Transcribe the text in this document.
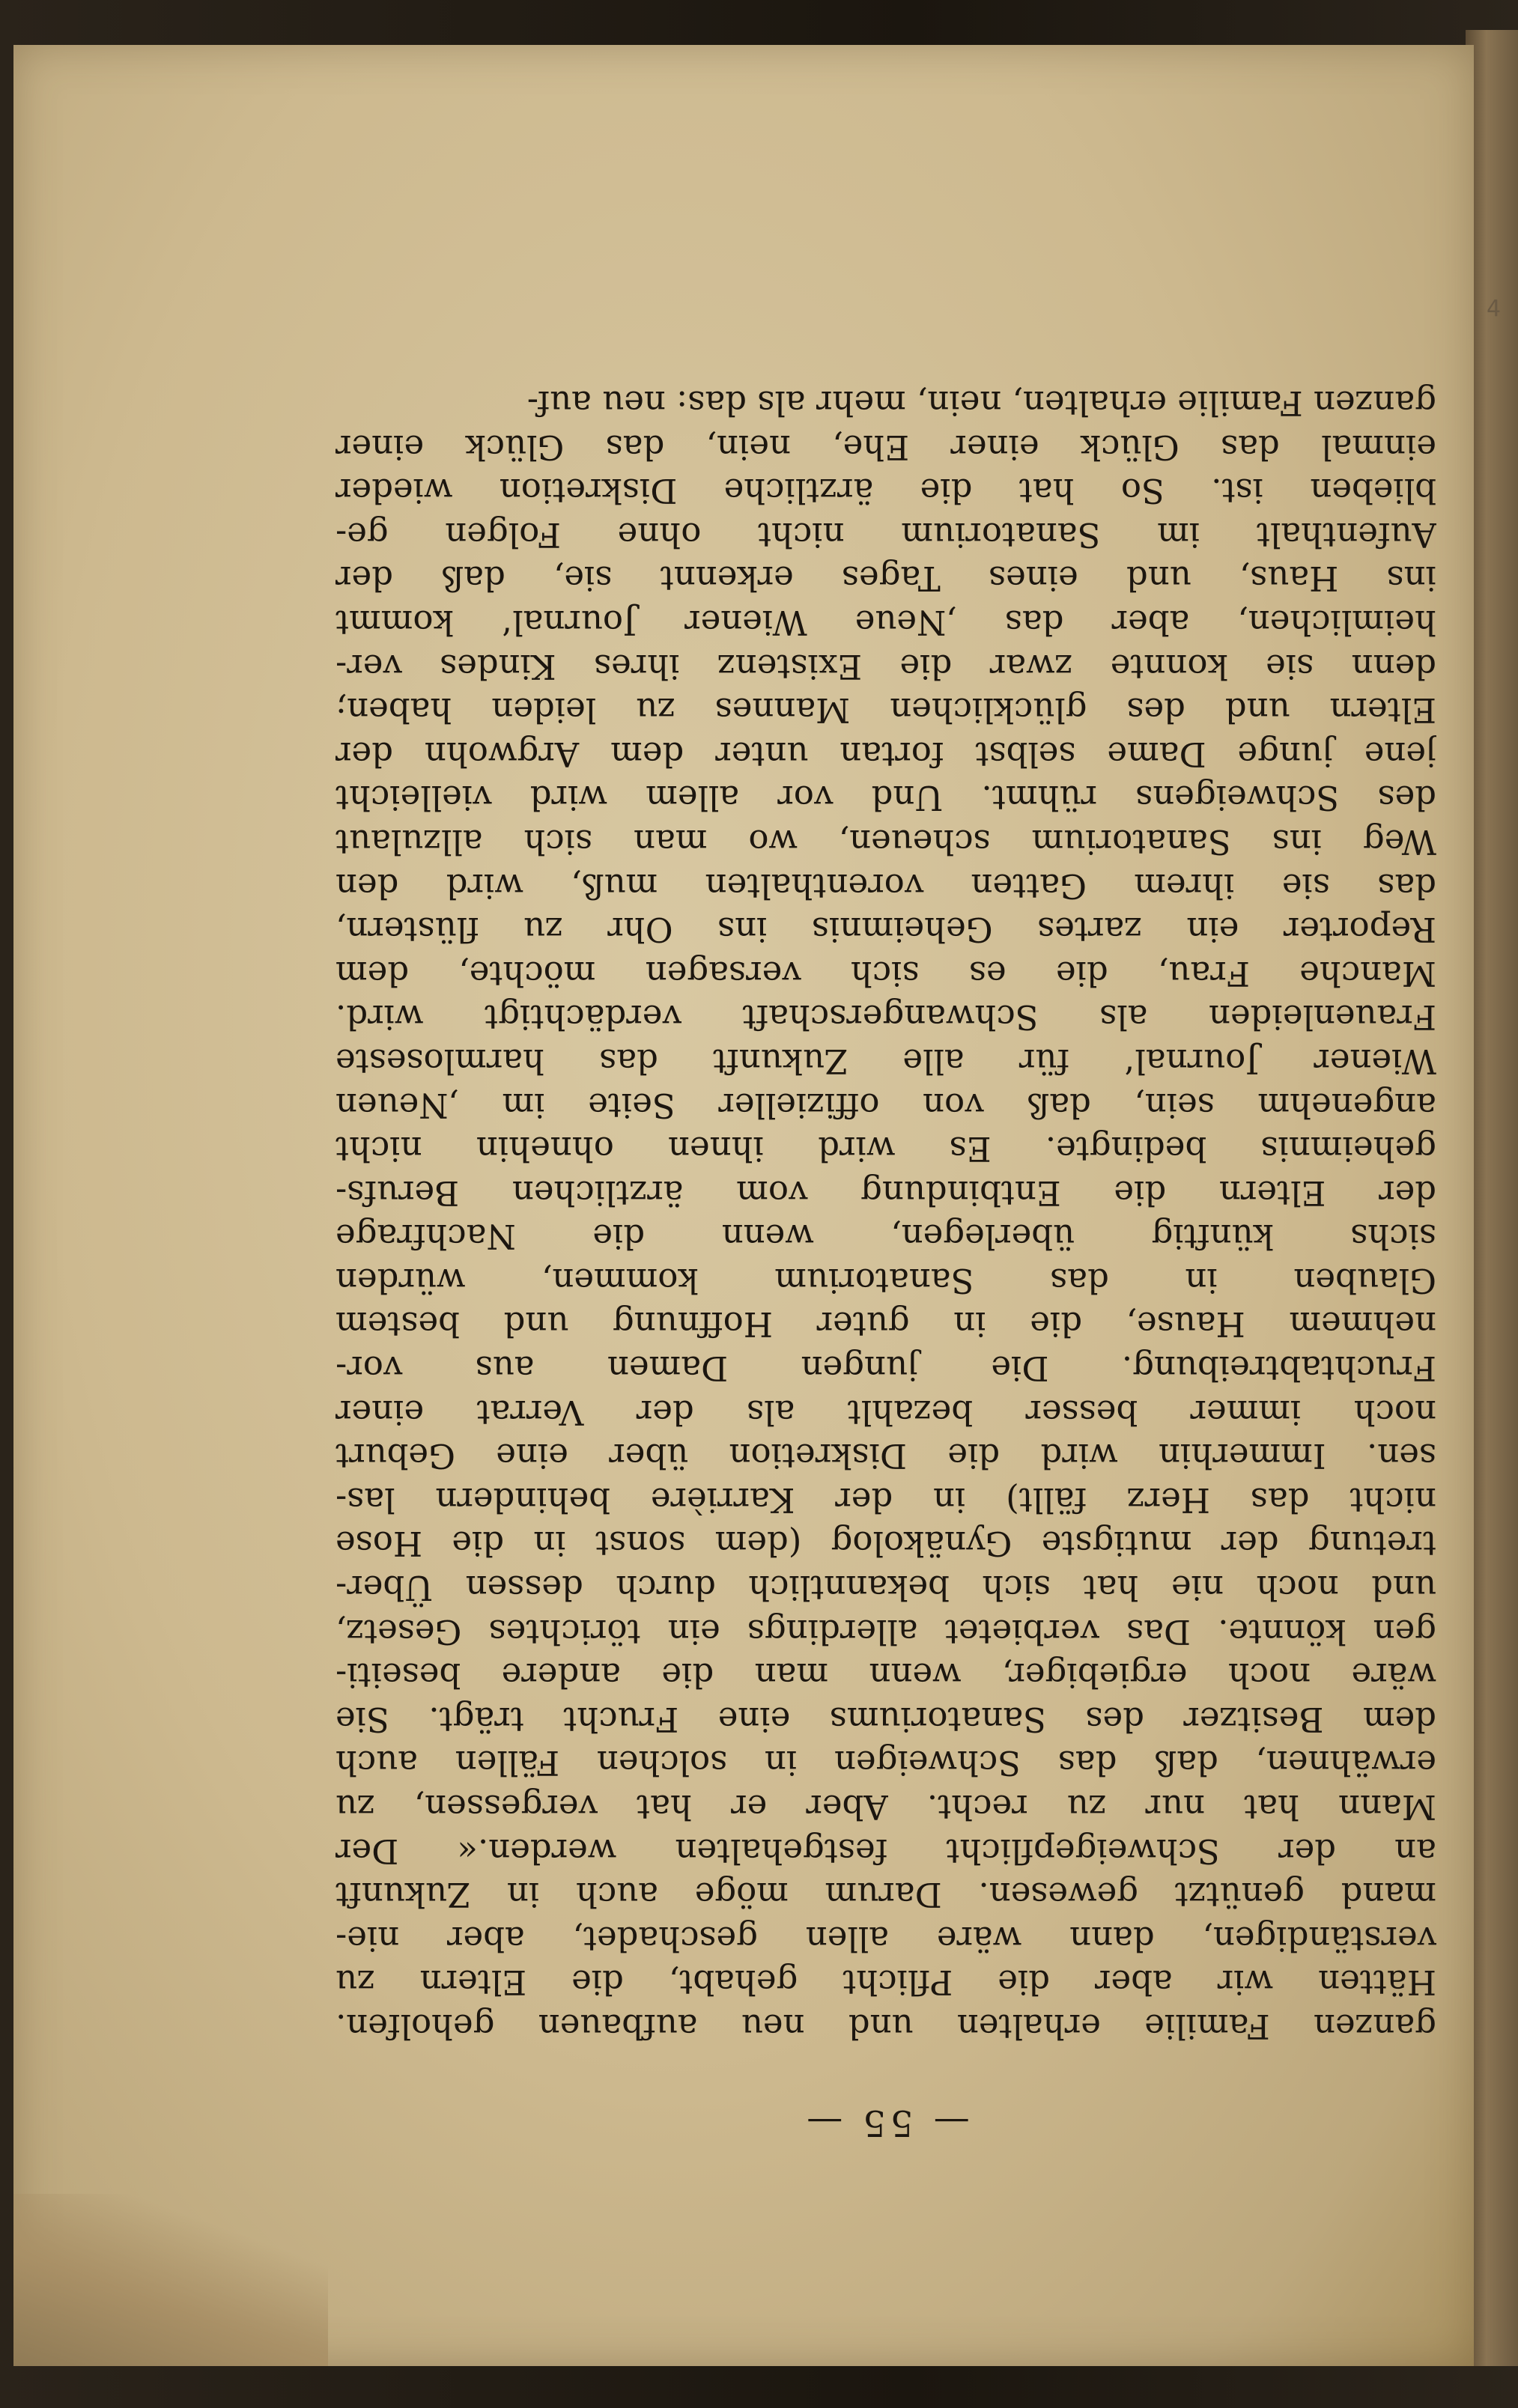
— 55 —
ganzen Familie erhalten und neu aufbauen geholfen.
Hätten wir aber die Pflicht gehabt, die Eltern zu
verständigen, dann wäre allen geschadet, aber nie-
mand genützt gewesen. Darum möge auch in Zukunft
an der Schweigepflicht festgehalten werden.« Der
Mann hat nur zu recht. Aber er hat vergessen, zu
erwähnen, daß das Schweigen in solchen Fällen auch
dem Besitzer des Sanatoriums eine Frucht trägt. Sie
wäre noch ergiebiger, wenn man die andere beseiti-
gen könnte. Das verbietet allerdings ein törichtes Gesetz,
und noch nie hat sich bekanntlich durch dessen Über-
tretung der mutigste Gynäkolog (dem sonst in die Hose
nicht das Herz fällt) in der Karrière behindern las-
sen. Immerhin wird die Diskretion über eine Geburt
noch immer besser bezahlt als der Verrat einer
Fruchtabtreibung. Die jungen Damen aus vor-
nehmem Hause, die in guter Hoffnung und bestem
Glauben in das Sanatorium kommen, würden
sichs künftig überlegen, wenn die Nachfrage
der Eltern die Entbindung vom ärztlichen Berufs-
geheimnis bedingte. Es wird ihnen ohnehin nicht
angenehm sein, daß von offizieller Seite im ‚Neuen
Wiener Journal‘ für alle Zukunft das harmloseste
Frauenleiden als Schwangerschaft verdächtigt wird.
Manche Frau, die es sich versagen möchte, dem
Reporter ein zartes Geheimnis ins Ohr zu flüstern,
das sie ihrem Gatten vorenthalten muß, wird den
Weg ins Sanatorium scheuen, wo man sich allzulaut
des Schweigens rühmt. Und vor allem wird vielleicht
jene junge Dame selbst fortan unter dem Argwohn der
Eltern und des glücklichen Mannes zu leiden haben;
denn sie konnte zwar die Existenz ihres Kindes ver-
heimlichen, aber das ‚Neue Wiener Journal‘ kommt
ins Haus, und eines Tages erkennt sie, daß der
Aufenthalt im Sanatorium nicht ohne Folgen ge-
blieben ist. So hat die ärztliche Diskretion wieder
einmal das Glück einer Ehe, nein, das Glück einer
ganzen Familie erhalten, nein, mehr als das: neu auf-
4
